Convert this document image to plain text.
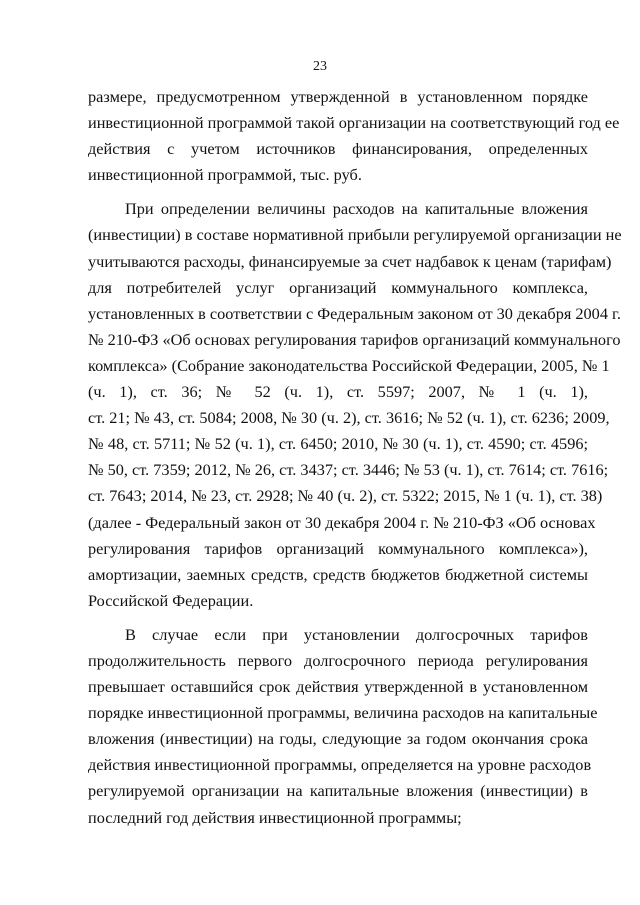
23
размере, предусмотренном утвержденной в установленном порядке
инвестиционной программой такой организации на соответствующий год ее
действия с учетом источников финансирования, определенных
инвестиционной программой, тыс. руб.
При определении величины расходов на капитальные вложения
(инвестиции) в составе нормативной прибыли регулируемой организации не
учитываются расходы, финансируемые за счет надбавок к ценам (тарифам)
для потребителей услуг организаций коммунального комплекса,
установленных в соответствии с Федеральным законом от 30 декабря 2004 г.
№ 210-ФЗ «Об основах регулирования тарифов организаций коммунального
комплекса» (Собрание законодательства Российской Федерации, 2005, № 1
(ч. 1), ст. 36; № 52 (ч. 1), ст. 5597; 2007, № 1 (ч. 1),
ст. 21; № 43, ст. 5084; 2008, № 30 (ч. 2), ст. 3616; № 52 (ч. 1), ст. 6236; 2009,
№ 48, ст. 5711; № 52 (ч. 1), ст. 6450; 2010, № 30 (ч. 1), ст. 4590; ст. 4596;
№ 50, ст. 7359; 2012, № 26, ст. 3437; ст. 3446; № 53 (ч. 1), ст. 7614; ст. 7616;
ст. 7643; 2014, № 23, ст. 2928; № 40 (ч. 2), ст. 5322; 2015, № 1 (ч. 1), ст. 38)
(далее - Федеральный закон от 30 декабря 2004 г. № 210-ФЗ «Об основах
регулирования тарифов организаций коммунального комплекса»),
амортизации, заемных средств, средств бюджетов бюджетной системы
Российской Федерации.
В случае если при установлении долгосрочных тарифов
продолжительность первого долгосрочного периода регулирования
превышает оставшийся срок действия утвержденной в установленном
порядке инвестиционной программы, величина расходов на капитальные
вложения (инвестиции) на годы, следующие за годом окончания срока
действия инвестиционной программы, определяется на уровне расходов
регулируемой организации на капитальные вложения (инвестиции) в
последний год действия инвестиционной программы;
